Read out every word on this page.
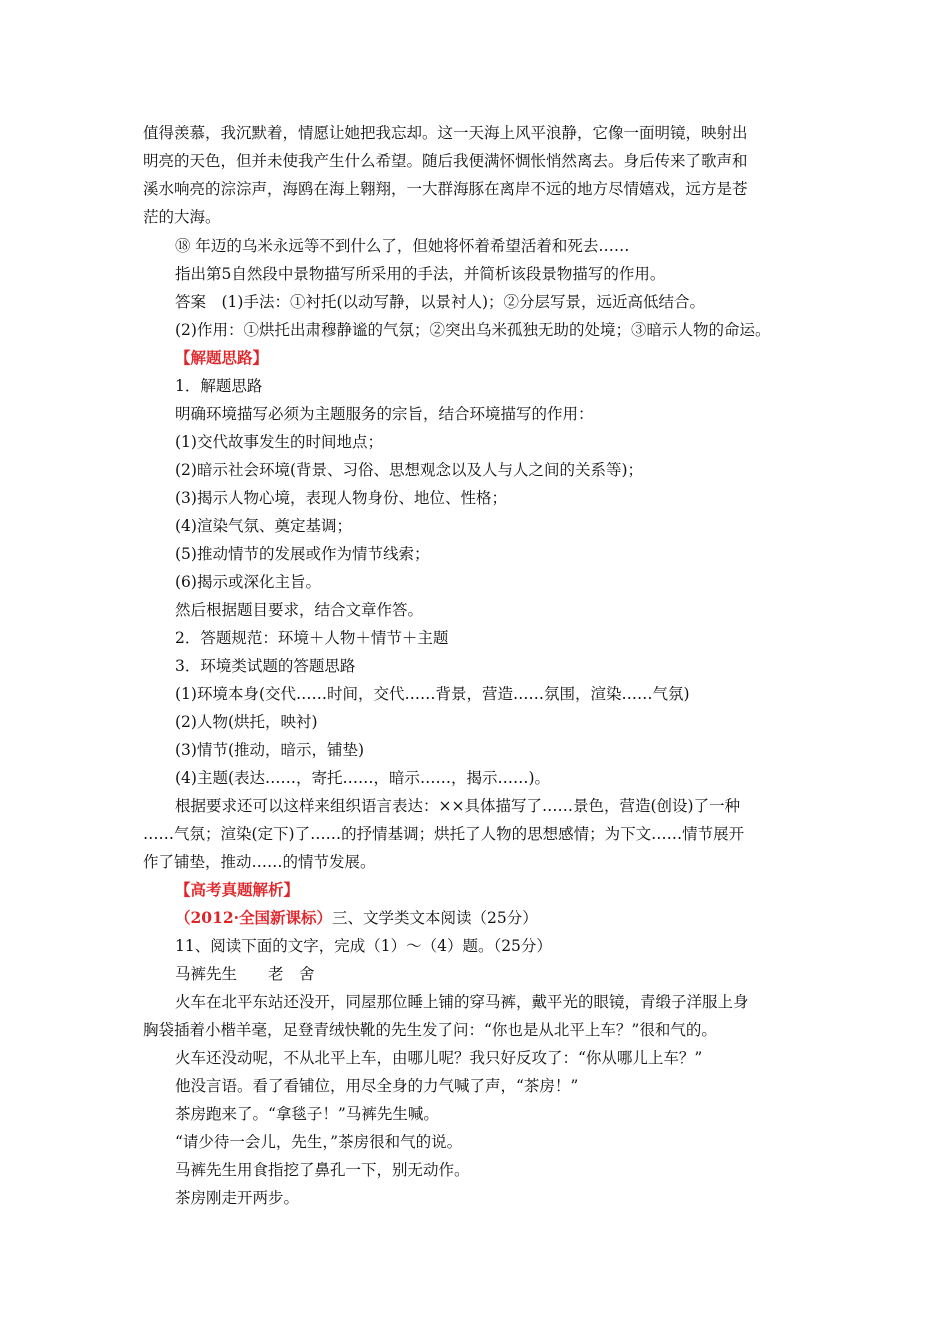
值得羡慕，我沉默着，情愿让她把我忘却。这一天海上风平浪静，它像一面明镜，映射出
明亮的天色，但并未使我产生什么希望。随后我便满怀惆怅悄然离去。身后传来了歌声和
溪水响亮的淙淙声，海鸥在海上翱翔，一大群海豚在离岸不远的地方尽情嬉戏，远方是苍
茫的大海。
⑱ 年迈的乌米永远等不到什么了，但她将怀着希望活着和死去……
指出第5自然段中景物描写所采用的手法，并简析该段景物描写的作用。
答案　(1)手法：①衬托(以动写静，以景衬人)；②分层写景，远近高低结合。
(2)作用：①烘托出肃穆静谧的气氛；②突出乌米孤独无助的处境；③暗示人物的命运。
【解题思路】
1．解题思路
明确环境描写必须为主题服务的宗旨，结合环境描写的作用：
(1)交代故事发生的时间地点；
(2)暗示社会环境(背景、习俗、思想观念以及人与人之间的关系等)；
(3)揭示人物心境，表现人物身份、地位、性格；
(4)渲染气氛、奠定基调；
(5)推动情节的发展或作为情节线索；
(6)揭示或深化主旨。
然后根据题目要求，结合文章作答。
2．答题规范：环境＋人物＋情节＋主题
3．环境类试题的答题思路
(1)环境本身(交代……时间，交代……背景，营造……氛围，渲染……气氛)
(2)人物(烘托，映衬)
(3)情节(推动，暗示，铺垫)
(4)主题(表达……，寄托……，暗示……，揭示……)。
根据要求还可以这样来组织语言表达：××具体描写了……景色，营造(创设)了一种
……气氛；渲染(定下)了……的抒情基调；烘托了人物的思想感情；为下文……情节展开
作了铺垫，推动……的情节发展。
【高考真题解析】
（2012·全国新课标）三、文学类文本阅读（25分）
11、阅读下面的文字，完成（1）～（4）题。（25分）
马裤先生　　老　舍
火车在北平东站还没开，同屋那位睡上铺的穿马裤，戴平光的眼镜，青缎子洋服上身
胸袋插着小楷羊毫，足登青绒快靴的先生发了问：“你也是从北平上车？”很和气的。
火车还没动呢，不从北平上车，由哪儿呢？我只好反攻了：“你从哪儿上车？”
他没言语。看了看铺位，用尽全身的力气喊了声，“茶房！”
茶房跑来了。“拿毯子！”马裤先生喊。
“请少待一会儿，先生，”茶房很和气的说。
马裤先生用食指挖了鼻孔一下，别无动作。
茶房刚走开两步。
